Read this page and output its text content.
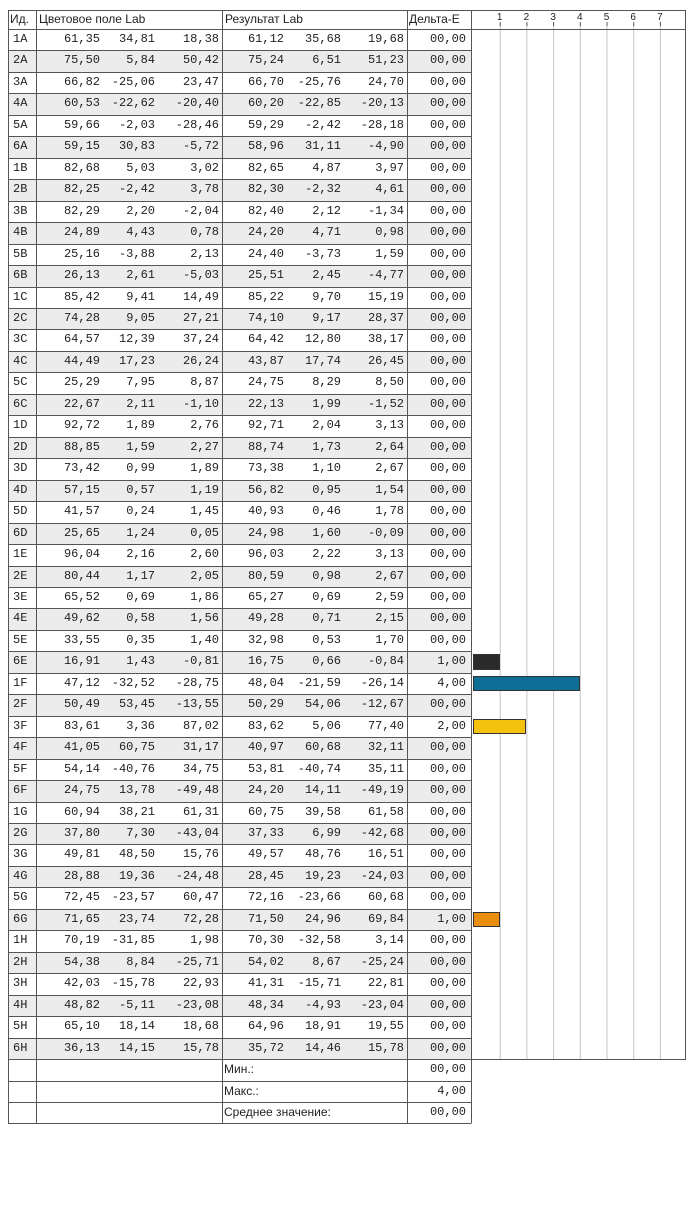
Ид. Цветовое поле Lab	Результат Lab	Дельта-E	1	2	3	4	5	6	7
1A	61,35	34,81	18,38	61,12	35,68	19,68	00,00
2A	75,50	5,84	50,42	75,24	6,51	51,23	00,00
3A	66,82 -25,06	23,47	66,70	-25,76	24,70	00,00
4A	60,53 -22,62	-20,40	60,20	-22,85	-20,13	00,00
5A	59,66	-2,03	-28,46	59,29	-2,42	-28,18	00,00
6A	59,15	30,83	-5,72	58,96	31,11	-4,90	00,00
1B	82,68	5,03	3,02	82,65	4,87	3,97	00,00
2B	82,25	-2,42	3,78	82,30	-2,32	4,61	00,00
3B	82,29	2,20	-2,04	82,40	2,12	-1,34	00,00
4B	24,89	4,43	0,78	24,20	4,71	0,98	00,00
5B	25,16	-3,88	2,13	24,40	-3,73	1,59	00,00
6B	26,13	2,61	-5,03	25,51	2,45	-4,77	00,00
1C	85,42	9,41	14,49	85,22	9,70	15,19	00,00
2C	74,28	9,05	27,21	74,10	9,17	28,37	00,00
3C	64,57	12,39	37,24	64,42	12,80	38,17	00,00
4C	44,49	17,23	26,24	43,87	17,74	26,45	00,00
5C	25,29	7,95	8,87	24,75	8,29	8,50	00,00
6C	22,67	2,11	-1,10	22,13	1,99	-1,52	00,00
1D	92,72	1,89	2,76	92,71	2,04	3,13	00,00
2D	88,85	1,59	2,27	88,74	1,73	2,64	00,00
3D	73,42	0,99	1,89	73,38	1,10	2,67	00,00
4D	57,15	0,57	1,19	56,82	0,95	1,54	00,00
5D	41,57	0,24	1,45	40,93	0,46	1,78	00,00
6D	25,65	1,24	0,05	24,98	1,60	-0,09	00,00
1E	96,04	2,16	2,60	96,03	2,22	3,13	00,00
2E	80,44	1,17	2,05	80,59	0,98	2,67	00,00
3E	65,52	0,69	1,86	65,27	0,69	2,59	00,00
4E	49,62	0,58	1,56	49,28	0,71	2,15	00,00
5E	33,55	0,35	1,40	32,98	0,53	1,70	00,00
6E	16,91	1,43	-0,81	16,75	0,66	-0,84	1,00
1F	47,12 -32,52	-28,75	48,04	-21,59	-26,14	4,00
2F	50,49	53,45	-13,55	50,29	54,06	-12,67	00,00
3F	83,61	3,36	87,02	83,62	5,06	77,40	2,00
4F	41,05	60,75	31,17	40,97	60,68	32,11	00,00
5F	54,14 -40,76	34,75	53,81	-40,74	35,11	00,00
6F	24,75	13,78	-49,48	24,20	14,11	-49,19	00,00
1G	60,94	38,21	61,31	60,75	39,58	61,58	00,00
2G	37,80	7,30	-43,04	37,33	6,99	-42,68	00,00
3G	49,81	48,50	15,76	49,57	48,76	16,51	00,00
4G	28,88	19,36	-24,48	28,45	19,23	-24,03	00,00
5G	72,45 -23,57	60,47	72,16	-23,66	60,68	00,00
6G	71,65	23,74	72,28	71,50	24,96	69,84	1,00
1H	70,19 -31,85	1,98	70,30	-32,58	3,14	00,00
2H	54,38	8,84	-25,71	54,02	8,67	-25,24	00,00
3H	42,03 -15,78	22,93	41,31	-15,71	22,81	00,00
4H	48,82	-5,11	-23,08	48,34	-4,93	-23,04	00,00
5H	65,10	18,14	18,68	64,96	18,91	19,55	00,00
6H	36,13	14,15	15,78	35,72	14,46	15,78	00,00
Мин.:	00,00
Макс.:	4,00
Среднее значение:	00,00
